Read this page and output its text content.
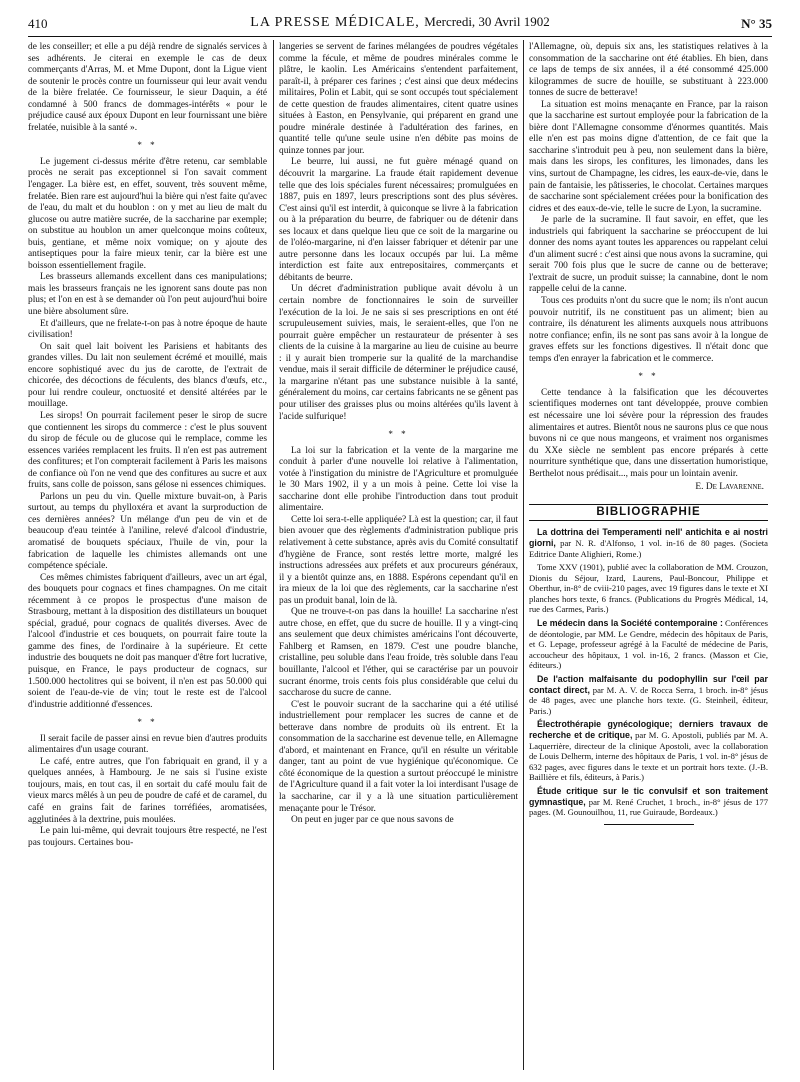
410	LA PRESSE MÉDICALE, Mercredi, 30 Avril 1902	N° 35

de les conseiller; et elle a pu déjà rendre de signalés services à ses adhérents. Je citerai en exemple le cas de deux commerçants d'Arras, M. et Mme Dupont, dont la Ligue vient de soutenir le procès contre un fournisseur qui leur avait vendu de la bière frelatée. Ce fournisseur, le sieur Daquin, a été condamné à 500 francs de dommages-intérêts « pour le préjudice causé aux époux Dupont en leur fournissant une bière frelatée, nuisible à la santé ».

* *

Le jugement ci-dessus mérite d'être retenu, car semblable procès ne serait pas exceptionnel si l'on savait comment l'engager. La bière est, en effet, souvent, très souvent même, frelatée. Bien rare est aujourd'hui la bière qui n'est faite qu'avec de l'eau, du malt et du houblon : on y met au lieu de malt du glucose ou autre matière sucrée, de la saccharine par exemple; on substitue au houblon un amer quelconque moins coûteux, buis, gentiane, et même noix vomique; on y ajoute des antiseptiques pour la faire mieux tenir, car la bière est une boisson essentiellement fragile.

Les brasseurs allemands excellent dans ces manipulations; mais les brasseurs français ne les ignorent sans doute pas non plus; et l'on en est à se demander où l'on peut aujourd'hui boire une bière absolument sûre.

Et d'ailleurs, que ne frelate-t-on pas à notre époque de haute civilisation!

On sait quel lait boivent les Parisiens et habitants des grandes villes. Du lait non seulement écrémé et mouillé, mais encore sophistiqué avec du jus de carotte, de l'extrait de chicorée, des décoctions de féculents, des blancs d'œufs, etc., pour lui rendre couleur, onctuosité et densité altérées par le mouillage.

Les sirops! On pourrait facilement peser le sirop de sucre que contiennent les sirops du commerce : c'est le plus souvent du sirop de fécule ou de glucose qui le remplace, comme les essences variées remplacent les fruits. Il n'en est pas autrement des confitures; et l'on compterait facilement à Paris les maisons de confiance où l'on ne vend que des confitures au sucre et aux fruits, sans colle de poisson, sans gélose ni essences chimiques.

Parlons un peu du vin. Quelle mixture buvait-on, à Paris surtout, au temps du phylloxéra et avant la surproduction de ces dernières années? Un mélange d'un peu de vin et de beaucoup d'eau teintée à l'aniline, relevé d'alcool d'industrie, aromatisé de bouquets spéciaux, l'huile de vin, pour la fabrication de laquelle les chimistes allemands ont une compétence spéciale.

Ces mêmes chimistes fabriquent d'ailleurs, avec un art égal, des bouquets pour cognacs et fines champagnes. On me citait récemment à ce propos le prospectus d'une maison de Strasbourg, mettant à la disposition des distillateurs un bouquet spécial, gradué, pour cognacs de qualités diverses. Avec de l'alcool d'industrie et ces bouquets, on pourrait faire toute la gamme des fines, de l'ordinaire à la supérieure. Et cette industrie des bouquets ne doit pas manquer d'être fort lucrative, puisque, en France, le pays producteur de cognacs, sur 1.500.000 hectolitres qui se boivent, il n'en est pas 50.000 qui soient de l'eau-de-vie de vin; tout le reste est de l'alcool d'industrie additionné d'essences.

* *

Il serait facile de passer ainsi en revue bien d'autres produits alimentaires d'un usage courant.

Le café, entre autres, que l'on fabriquait en grand, il y a quelques années, à Hambourg. Je ne sais si l'usine existe toujours, mais, en tout cas, il en sortait du café moulu fait de vieux marcs mêlés à un peu de poudre de café et de caramel, du café en grains fait de farines torréfiées, aromatisées, agglutinées à la dextrine, puis moulées.

Le pain lui-même, qui devrait toujours être respecté, ne l'est pas toujours. Certaines bou-

langeries se servent de farines mélangées de poudres végétales comme la fécule, et même de poudres minérales comme le plâtre, le kaolin. Les Américains s'entendent parfaitement, paraît-il, à préparer ces farines ; c'est ainsi que deux médecins militaires, Polin et Labit, qui se sont occupés tout spécialement de cette question de fraudes alimentaires, citent quatre usines situées à Easton, en Pensylvanie, qui préparent en grand une poudre minérale destinée à l'adultération des farines, en quantité telle qu'une seule usine n'en débite pas moins de quinze tonnes par jour.

Le beurre, lui aussi, ne fut guère ménagé quand on découvrit la margarine. La fraude était rapidement devenue telle que des lois spéciales furent nécessaires; promulguées en 1887, puis en 1897, leurs prescriptions sont des plus sévères. C'est ainsi qu'il est interdit, à quiconque se livre à la fabrication ou à la préparation du beurre, de fabriquer ou de détenir dans ses locaux et dans quelque lieu que ce soit de la margarine ou de l'oléo-margarine, ni d'en laisser fabriquer et détenir par une autre personne dans les locaux occupés par lui. La même interdiction est faite aux entrepositaires, commerçants et débitants de beurre.

Un décret d'administration publique avait dévolu à un certain nombre de fonctionnaires le soin de surveiller l'exécution de la loi. Je ne sais si ses prescriptions en ont été scrupuleusement suivies, mais, le seraient-elles, que l'on ne pourrait guère empêcher un restaurateur de présenter à ses clients de la cuisine à la margarine au lieu de cuisine au beurre : il y aurait bien tromperie sur la qualité de la marchandise vendue, mais il serait difficile de déterminer le préjudice causé, la margarine n'étant pas une substance nuisible à la santé, généralement du moins, car certains fabricants ne se gênent pas pour utiliser des graisses plus ou moins altérées qu'ils lavent à l'acide sulfurique!

* *

La loi sur la fabrication et la vente de la margarine me conduit à parler d'une nouvelle loi relative à l'alimentation, votée à l'instigation du ministre de l'Agriculture et promulguée le 30 Mars 1902, il y a un mois à peine. Cette loi vise la saccharine dont elle prohibe l'introduction dans tout produit alimentaire.

Cette loi sera-t-elle appliquée? Là est la question; car, il faut bien avouer que des règlements d'administration publique pris relativement à cette substance, après avis du Comité consultatif d'hygiène de France, sont restés lettre morte, malgré les instructions adressées aux préfets et aux procureurs généraux, il y a bientôt quinze ans, en 1888. Espérons cependant qu'il en ira mieux de la loi que des règlements, car la saccharine n'est pas un produit banal, loin de là.

Que ne trouve-t-on pas dans la houille! La saccharine n'est autre chose, en effet, que du sucre de houille. Il y a vingt-cinq ans seulement que deux chimistes américains l'ont découverte, Fahlberg et Ramsen, en 1879. C'est une poudre blanche, cristalline, peu soluble dans l'eau froide, très soluble dans l'eau bouillante, l'alcool et l'éther, qui se caractérise par un pouvoir sucrant énorme, trois cents fois plus considérable que celui du saccharose du sucre de canne.

C'est le pouvoir sucrant de la saccharine qui a été utilisé industriellement pour remplacer les sucres de canne et de betterave dans nombre de produits où ils entrent. Et la consommation de la saccharine est devenue telle, en Allemagne d'abord, et maintenant en France, qu'il en résulte un véritable danger, tant au point de vue hygiénique qu'économique. Ce côté économique de la question a surtout préoccupé le ministre de l'Agriculture quand il a fait voter la loi interdisant l'usage de la saccharine, car il y a là une situation particulièrement menaçante pour le Trésor.

On peut en juger par ce que nous savons de

l'Allemagne, où, depuis six ans, les statistiques relatives à la consommation de la saccharine ont été établies. Eh bien, dans ce laps de temps de six années, il a été consommé 425.000 kilogrammes de sucre de houille, se substituant à 223.000 tonnes de sucre de betterave!

La situation est moins menaçante en France, par la raison que la saccharine est surtout employée pour la fabrication de la bière dont l'Allemagne consomme d'énormes quantités. Mais elle n'en est pas moins digne d'attention, de ce fait que la saccharine s'introduit peu à peu, non seulement dans la bière, mais dans les sirops, les confitures, les limonades, dans les vins, surtout de Champagne, les cidres, les eaux-de-vie, dans le pain de fantaisie, les pâtisseries, le chocolat. Certaines marques de saccharine sont spécialement créées pour la bonification des cidres et des eaux-de-vie, telle le sucre de Lyon, la sucramine.

Je parle de la sucramine. Il faut savoir, en effet, que les industriels qui fabriquent la saccharine se préoccupent de lui donner des noms ayant toutes les apparences ou rappelant celui d'un aliment sucré : c'est ainsi que nous avons la sucramine, qui serait 700 fois plus que le sucre de canne ou de betterave; l'extrait de sucre, un produit suisse; la cannabine, dont le nom rappelle celui de la canne.

Tous ces produits n'ont du sucre que le nom; ils n'ont aucun pouvoir nutritif, ils ne constituent pas un aliment; bien au contraire, ils dénaturent les aliments auxquels nous attribuons notre confiance; enfin, ils ne sont pas sans avoir à la longue de graves effets sur les fonctions digestives. Il n'était donc que temps d'en enrayer la fabrication et le commerce.

* *

Cette tendance à la falsification que les découvertes scientifiques modernes ont tant développée, prouve combien est nécessaire une loi sévère pour la répression des fraudes alimentaires et autres. Bientôt nous ne saurons plus ce que nous buvons ni ce que nous mangeons, et vraiment nos organismes du XXe siècle ne semblent pas encore préparés à cette nourriture synthétique que, dans une dissertation humoristique, Berthelot nous prédisait..., mais pour un lointain avenir.

E. De Lavarenne.
BIBLIOGRAPHIE
La dottrina dei Temperamenti nell' antichita e ai nostri giorni, par N. R. d'Alfonso, 1 vol. in-16 de 80 pages. (Societa Editrice Dante Alighieri, Rome.)
Tome XXV (1901), publié avec la collaboration de MM. Crouzon, Dionis du Séjour, Izard, Laurens, Paul-Boncour, Philippe et Oberthur, in-8° de cviii-210 pages, avec 19 figures dans le texte et XI planches hors texte, 6 francs. (Publications du Progrès Médical, 14, rue des Carmes, Paris.)
Le médecin dans la Société contemporaine : Conférences de déontologie, par MM. Le Gendre, médecin des hôpitaux de Paris, et G. Lepage, professeur agrégé à la Faculté de médecine de Paris, accoucheur des hôpitaux, 1 vol. in-16, 2 francs. (Masson et Cie, éditeurs.)
De l'action malfaisante du podophyllin sur l'œil par contact direct, par M. A. V. de Rocca Serra, 1 broch. in-8° jésus de 48 pages, avec une planche hors texte. (G. Steinheil, éditeur, Paris.)
Électrothérapie gynécologique; derniers travaux de recherche et de critique, par M. G. Apostoli, publiés par M. A. Laquerrière, directeur de la clinique Apostoli, avec la collaboration de Louis Delherm, interne des hôpitaux de Paris, 1 vol. in-8° jésus de 632 pages, avec figures dans le texte et un portrait hors texte. (J.-B. Baillière et fils, éditeurs, à Paris.)
Étude critique sur le tic convulsif et son traitement gymnastique, par M. René Cruchet, 1 broch., in-8° jésus de 177 pages. (M. Gounouilhou, 11, rue Guiraude, Bordeaux.)
